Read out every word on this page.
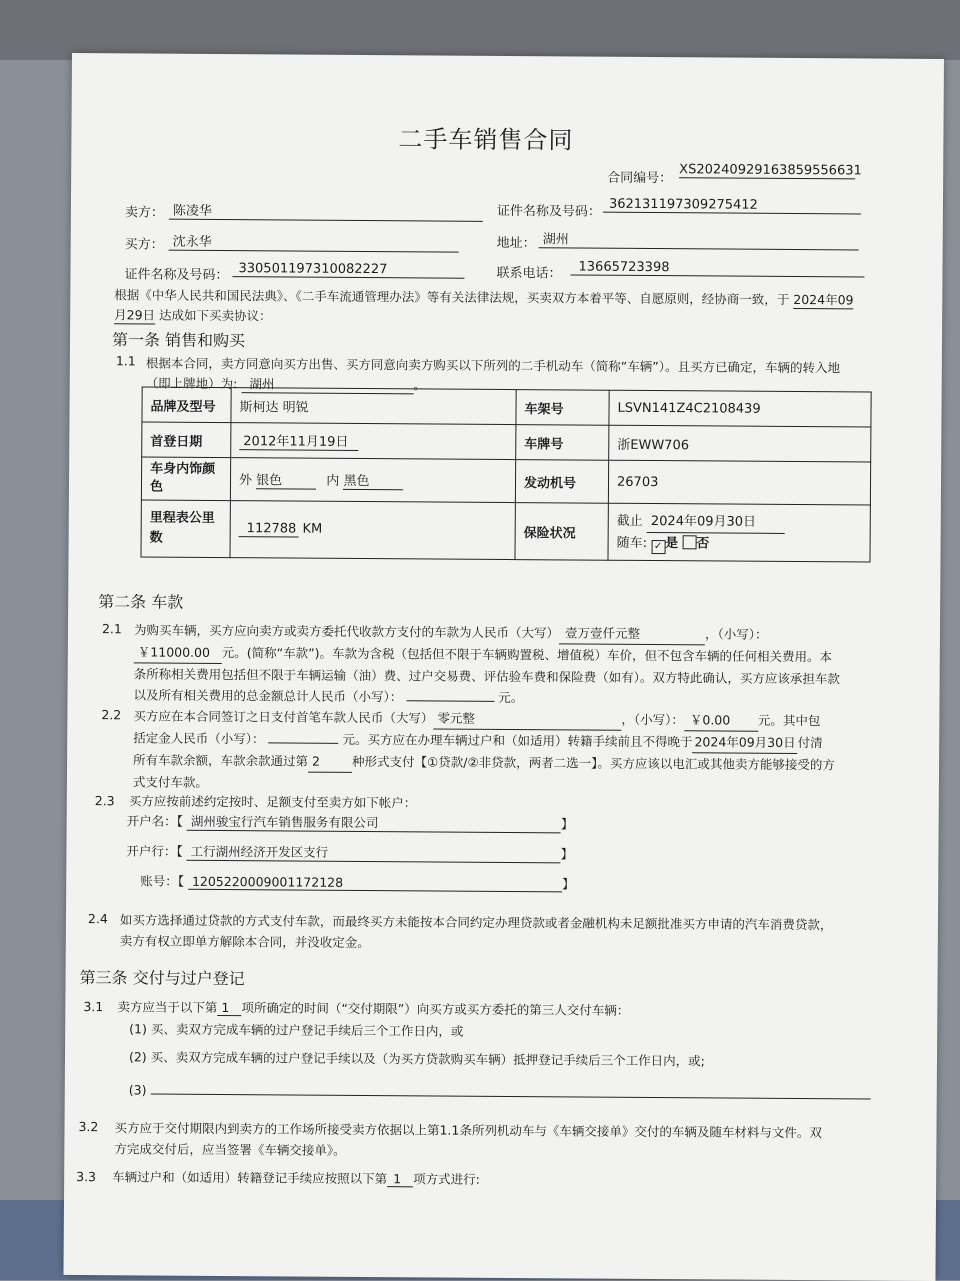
二手车销售合同
合同编号： XS20240929163859556631
卖方： 陈凌华	证件名称及号码： 362131197309275412
买方： 沈永华	地址： 湖州
证件名称及号码： 330501197310082227	联系电话：	13665723398
根据《中华人民共和国民法典》、《二手车流通管理办法》等有关法律法规，买卖双方本着平等、自愿原则，经协商一致，于 2024年09
月29日 达成如下买卖协议：
第一条 销售和购买
1.1 根据本合同，卖方同意向买方出售、买方同意向卖方购买以下所列的二手机动车（简称“车辆”）。且买方已确定，车辆的转入地
（即上牌地）为: 湖州	。
品牌及型号	斯柯达 明锐	车架号	LSVN141Z4C2108439
首登日期	2012年11月19日	车牌号	浙EWW706
车身内饰颜色	外 银色 内 黑色	发动机号	26703
里程表公里数	112788 KM	保险状况	截止 2024年09月30日
随车: ✓ 是 否
第二条 车款
2.1 为购买车辆，买方应向卖方或卖方委托代收款方支付的车款为人民币（大写） 壹万壹仟元整	，（小写）：
￥11000.00 元。(简称“车款”)。车款为含税（包括但不限于车辆购置税、增值税）车价，但不包含车辆的任何相关费用。本
条所称相关费用包括但不限于车辆运输（油）费、过户交易费、评估验车费和保险费（如有）。双方特此确认，买方应该承担车款
以及所有相关费用的总金额总计人民币（小写）：	元。
2.2 买方应在本合同签订之日支付首笔车款人民币（大写） 零元整	，（小写）： ￥0.00 元。其中包
括定金人民币（小写）：	元。买方应在办理车辆过户和（如适用）转籍手续前且不得晚于 2024年09月30日 付清
所有车款余额，车款余款通过第 2	种形式支付【①贷款/②非贷款，两者二选一】。买方应该以电汇或其他卖方能够接受的方
式支付车款。
2.3 买方应按前述约定按时、足额支付至卖方如下帐户：
开户名：【 湖州骏宝行汽车销售服务有限公司	】
开户行：【 工行湖州经济开发区支行	】
账号：【 1205220009001172128	】
2.4 如买方选择通过贷款的方式支付车款，而最终买方未能按本合同约定办理贷款或者金融机构未足额批准买方申请的汽车消费贷款，
卖方有权立即单方解除本合同，并没收定金。
第三条 交付与过户登记
3.1 卖方应当于以下第 1 项所确定的时间（“交付期限”）向买方或买方委托的第三人交付车辆：
(1) 买、卖双方完成车辆的过户登记手续后三个工作日内，或
(2) 买、卖双方完成车辆的过户登记手续以及（为买方贷款购买车辆）抵押登记手续后三个工作日内，或;
(3)
3.2 买方应于交付期限内到卖方的工作场所接受卖方依据以上第1.1条所列机动车与《车辆交接单》交付的车辆及随车材料与文件。双
方完成交付后，应当签署《车辆交接单》。
3.3 车辆过户和（如适用）转籍登记手续应按照以下第 1 项方式进行:
